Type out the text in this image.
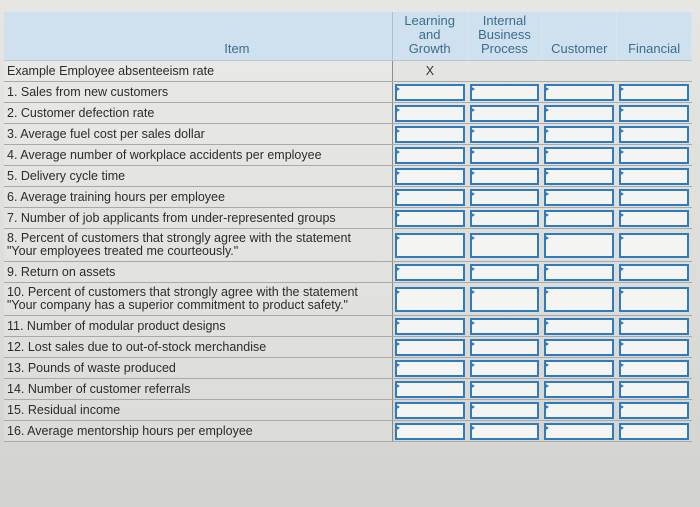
Item	Learning
and
Growth	Internal
Business
Process	Customer	Financial
Example Employee absenteeism rate	X			
1. Sales from new customers	

2. Customer defection rate	

3. Average fuel cost per sales dollar	

4. Average number of workplace accidents per employee	

5. Delivery cycle time	

6. Average training hours per employee	

7. Number of job applicants from under-represented groups	

8. Percent of customers that strongly agree with the statement
"Your employees treated me courteously."				

9. Return on assets	

10. Percent of customers that strongly agree with the statement
"Your company has a superior commitment to product safety."				

11. Number of modular product designs	

12. Lost sales due to out-of-stock merchandise	

13. Pounds of waste produced	

14. Number of customer referrals	

15. Residual income	

16. Average mentorship hours per employee	
